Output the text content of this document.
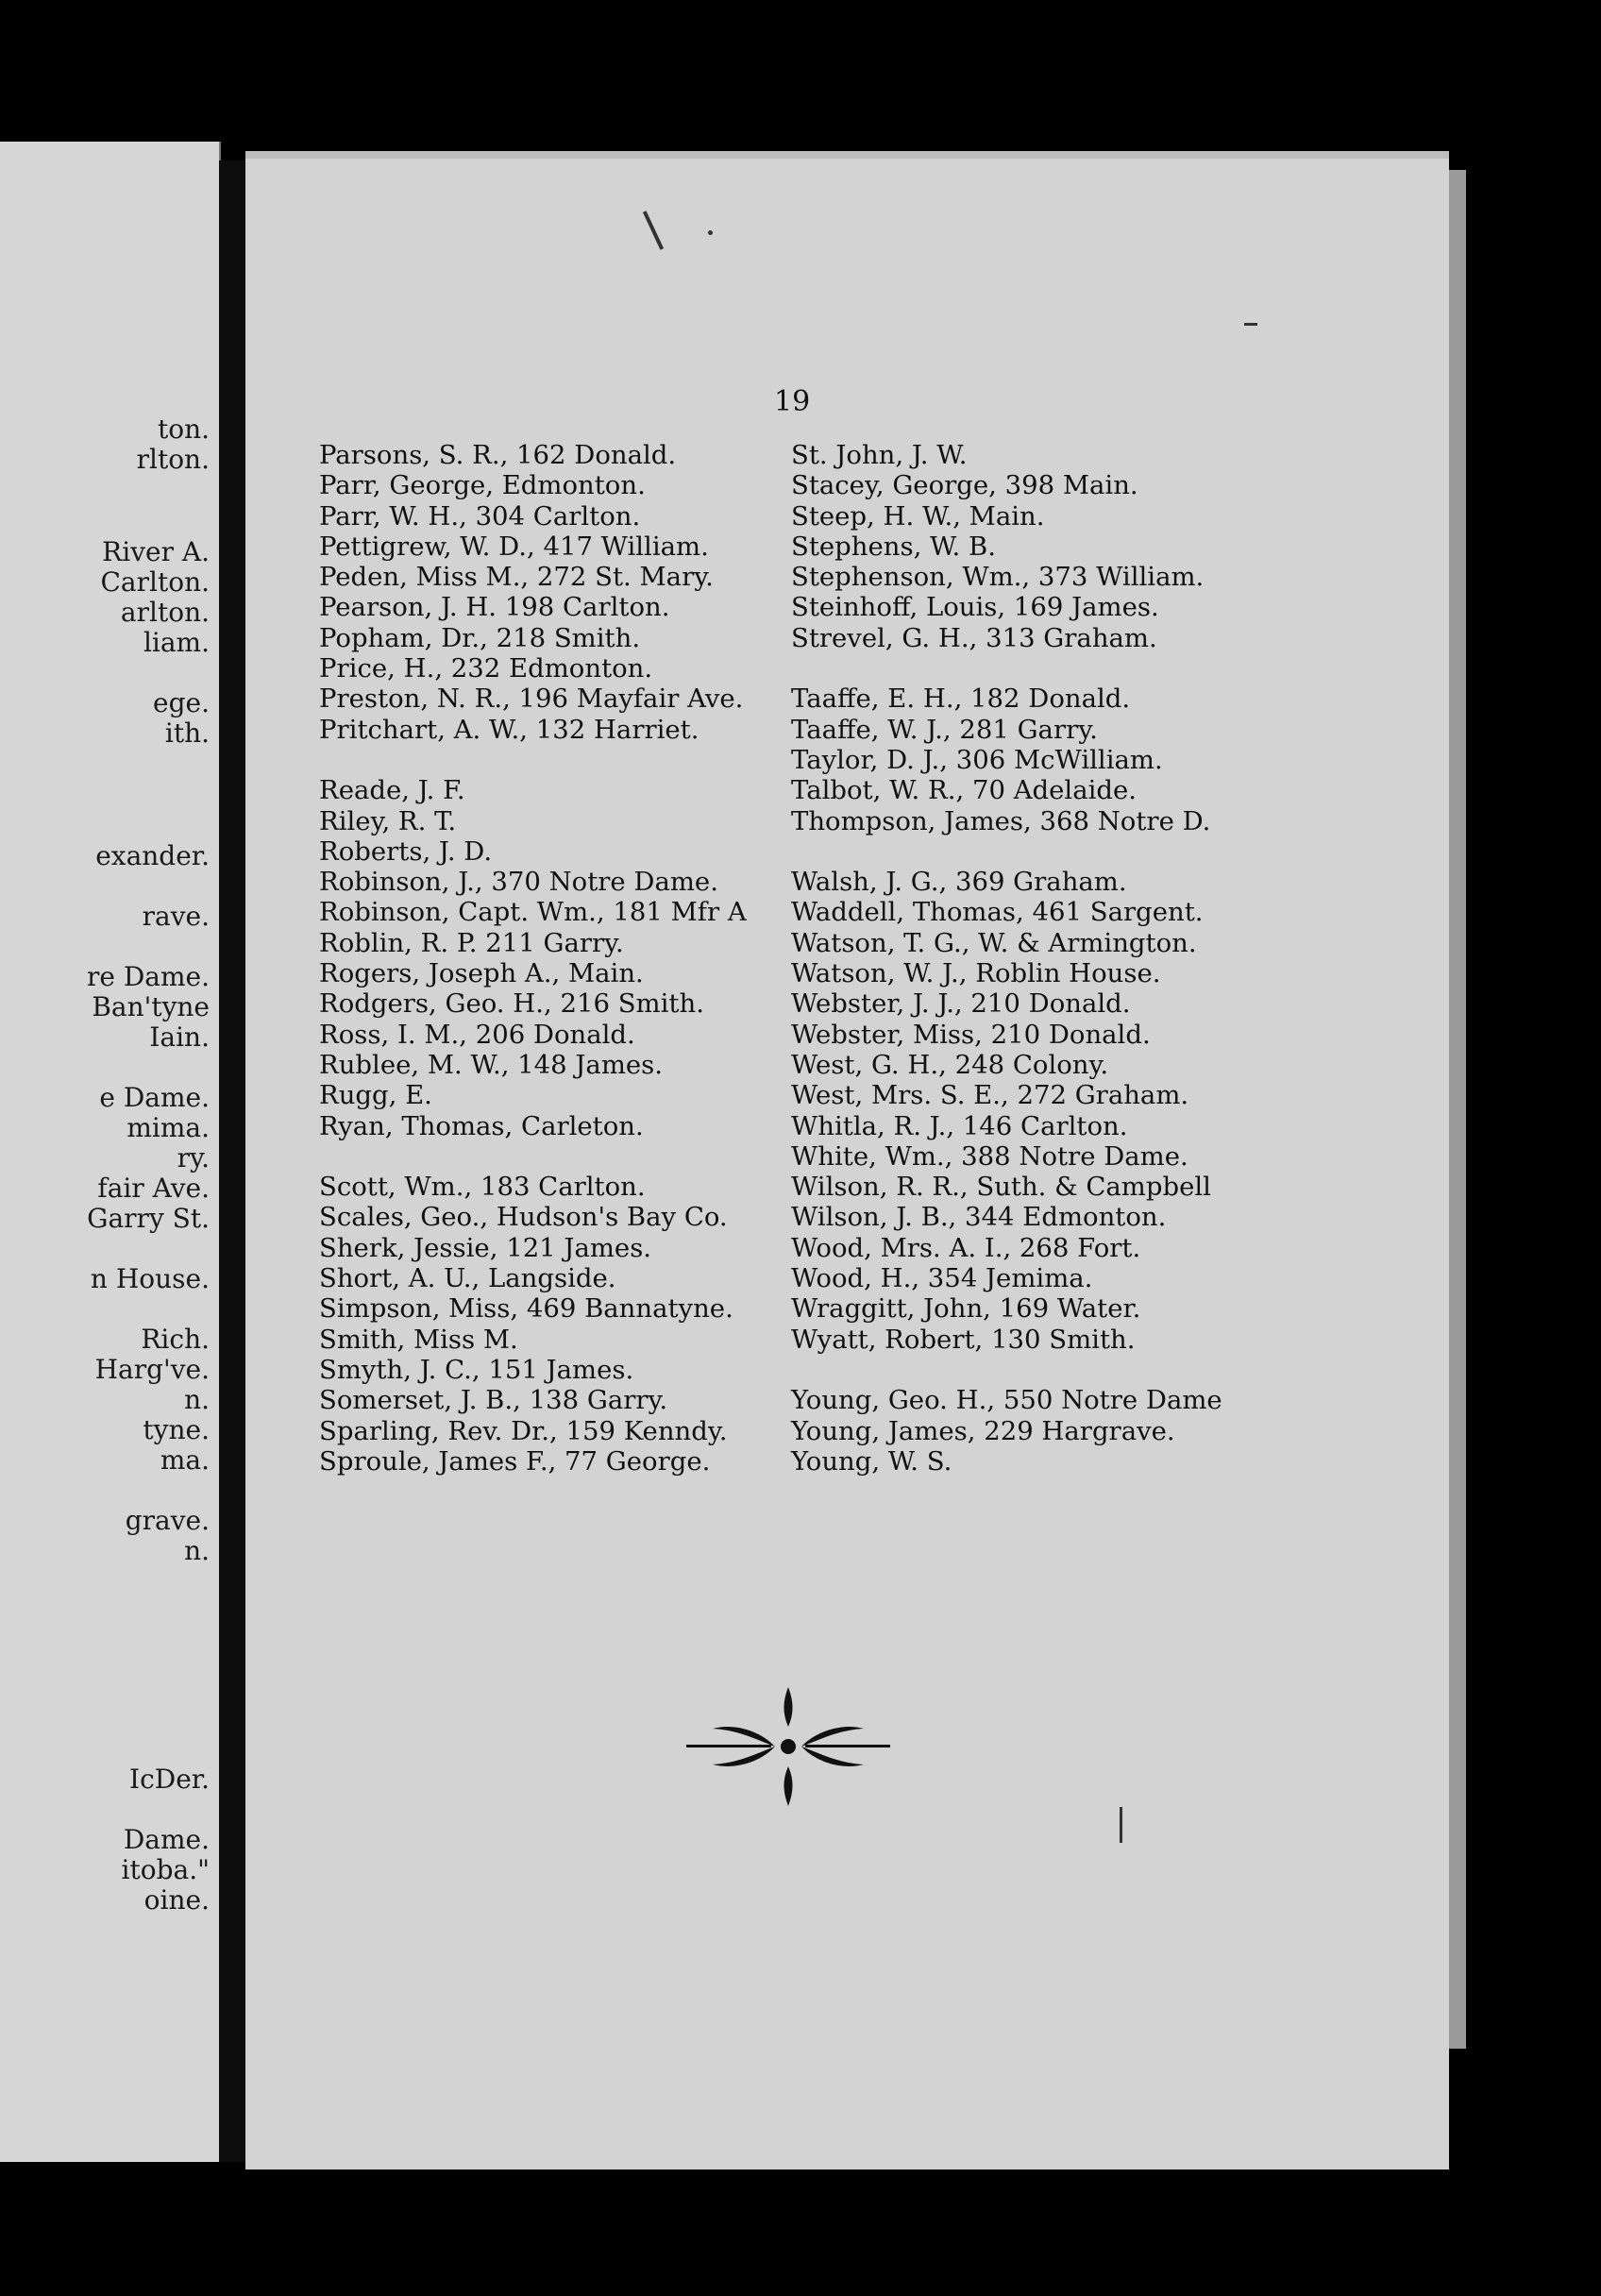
ton.
rlton.
River A.
Carlton.
arlton.
liam.
ege.
ith.
exander.
rave.
re Dame.
Ban'tyne
Iain.
e Dame.
mima.
ry.
fair Ave.
Garry St.
n House.
Rich.
Harg've.
n.
tyne.
ma.
grave.
n.
IcDer.
Dame.
itoba."
oine.
19
Parsons, S. R., 162 Donald.
Parr, George, Edmonton.
Parr, W. H., 304 Carlton.
Pettigrew, W. D., 417 William.
Peden, Miss M., 272 St. Mary.
Pearson, J. H. 198 Carlton.
Popham, Dr., 218 Smith.
Price, H., 232 Edmonton.
Preston, N. R., 196 Mayfair Ave.
Pritchart, A. W., 132 Harriet.
Reade, J. F.
Riley, R. T.
Roberts, J. D.
Robinson, J., 370 Notre Dame.
Robinson, Capt. Wm., 181 Mfr A
Roblin, R. P. 211 Garry.
Rogers, Joseph A., Main.
Rodgers, Geo. H., 216 Smith.
Ross, I. M., 206 Donald.
Rublee, M. W., 148 James.
Rugg, E.
Ryan, Thomas, Carleton.
Scott, Wm., 183 Carlton.
Scales, Geo., Hudson's Bay Co.
Sherk, Jessie, 121 James.
Short, A. U., Langside.
Simpson, Miss, 469 Bannatyne.
Smith, Miss M.
Smyth, J. C., 151 James.
Somerset, J. B., 138 Garry.
Sparling, Rev. Dr., 159 Kenndy.
Sproule, James F., 77 George.
St. John, J. W.
Stacey, George, 398 Main.
Steep, H. W., Main.
Stephens, W. B.
Stephenson, Wm., 373 William.
Steinhoff, Louis, 169 James.
Strevel, G. H., 313 Graham.
Taaffe, E. H., 182 Donald.
Taaffe, W. J., 281 Garry.
Taylor, D. J., 306 McWilliam.
Talbot, W. R., 70 Adelaide.
Thompson, James, 368 Notre D.
Walsh, J. G., 369 Graham.
Waddell, Thomas, 461 Sargent.
Watson, T. G., W. & Armington.
Watson, W. J., Roblin House.
Webster, J. J., 210 Donald.
Webster, Miss, 210 Donald.
West, G. H., 248 Colony.
West, Mrs. S. E., 272 Graham.
Whitla, R. J., 146 Carlton.
White, Wm., 388 Notre Dame.
Wilson, R. R., Suth. & Campbell
Wilson, J. B., 344 Edmonton.
Wood, Mrs. A. I., 268 Fort.
Wood, H., 354 Jemima.
Wraggitt, John, 169 Water.
Wyatt, Robert, 130 Smith.
Young, Geo. H., 550 Notre Dame
Young, James, 229 Hargrave.
Young, W. S.
